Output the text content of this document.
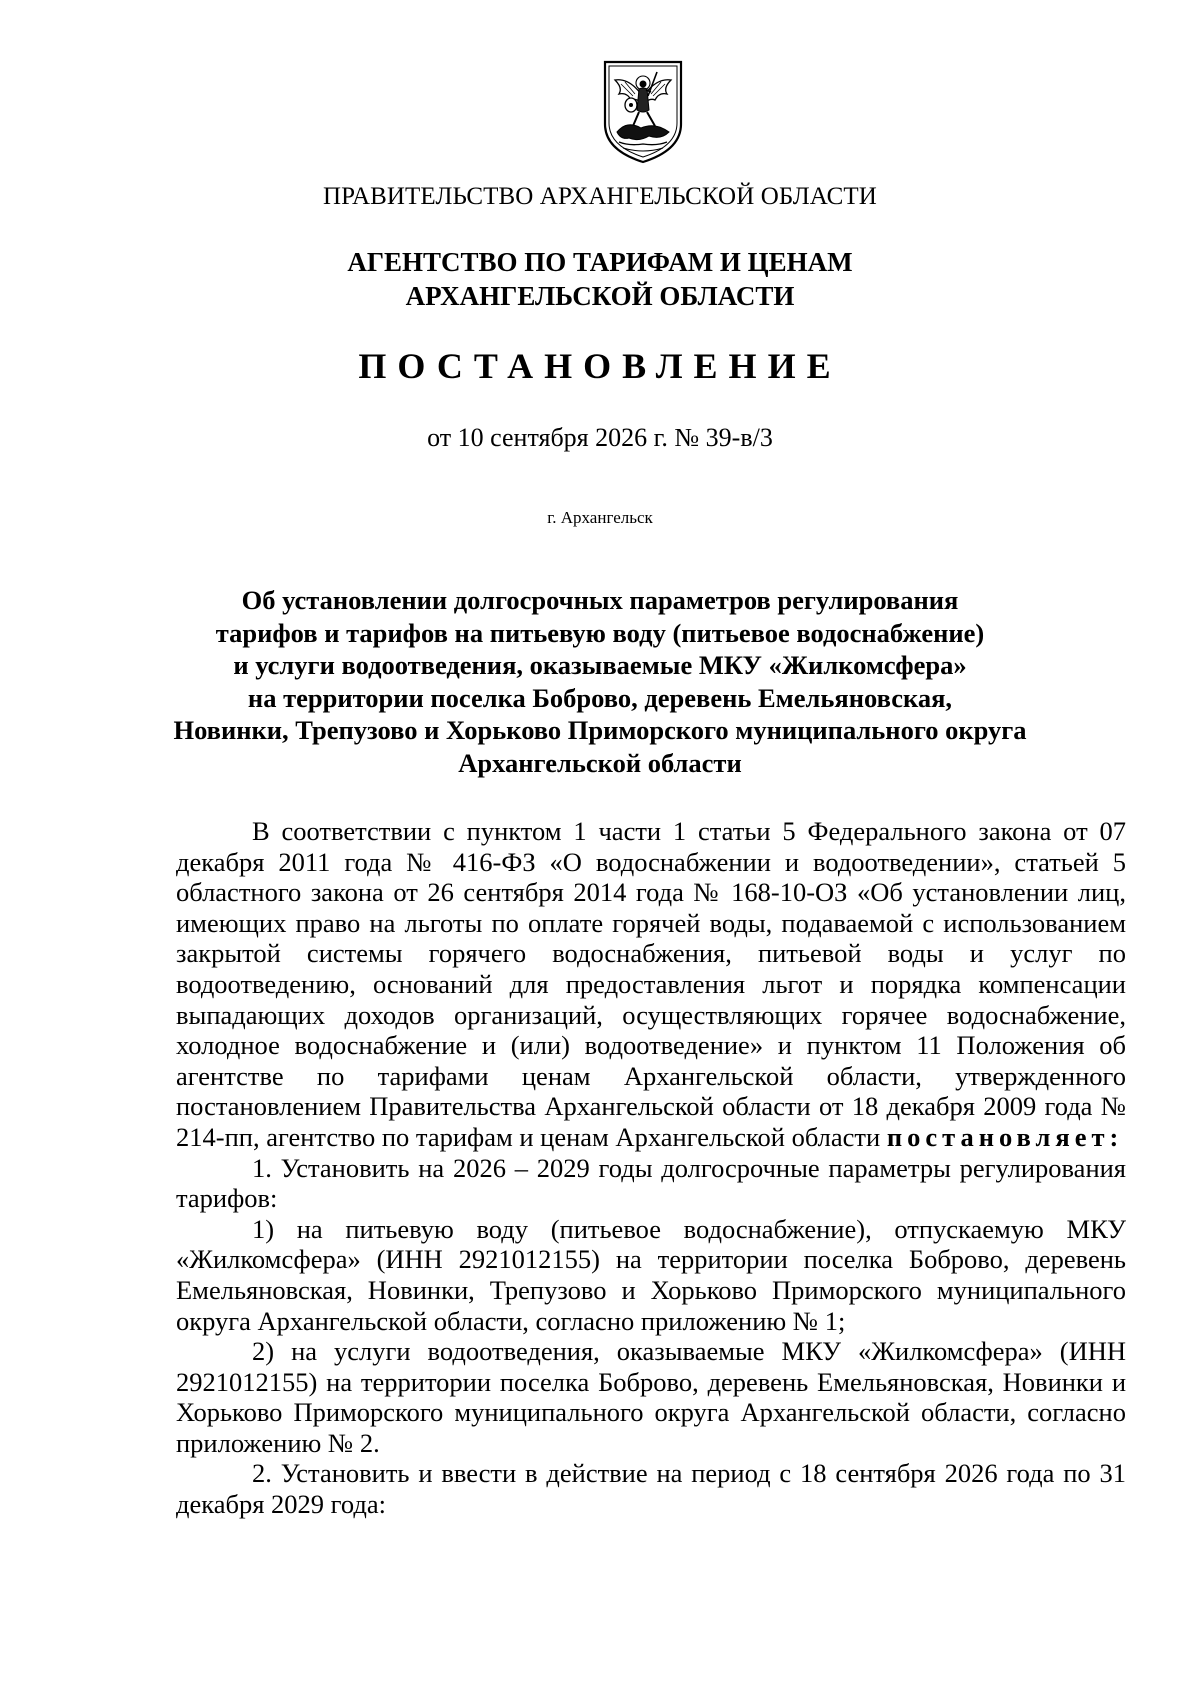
ПРАВИТЕЛЬСТВО АРХАНГЕЛЬСКОЙ ОБЛАСТИ
АГЕНТСТВО ПО ТАРИФАМ И ЦЕНАМ
АРХАНГЕЛЬСКОЙ ОБЛАСТИ
ПОСТАНОВЛЕНИЕ
от 10 сентября 2026 г. № 39-в/3
г. Архангельск
Об установлении долгосрочных параметров регулирования
тарифов и тарифов на питьевую воду (питьевое водоснабжение)
и услуги водоотведения, оказываемые МКУ «Жилкомсфера»
на территории поселка Боброво, деревень Емельяновская,
Новинки, Трепузово и Хорьково Приморского муниципального округа
Архангельской области

В соответствии с пунктом 1 части 1 статьи 5 Федерального закона от 07 декабря 2011 года № 416-ФЗ «О водоснабжении и водоотведении», статьей 5 областного закона от 26 сентября 2014 года № 168-10-ОЗ «Об установлении лиц, имеющих право на льготы по оплате горячей воды, подаваемой с использованием закрытой системы горячего водоснабжения, питьевой воды и услуг по водоотведению, оснований для предоставления льгот и порядка компенсации выпадающих доходов организаций, осуществляющих горячее водоснабжение, холодное водоснабжение и (или) водоотведение» и пунктом 11 Положения об агентстве по тарифами ценам Архангельской области, утвержденного постановлением Правительства Архангельской области от 18 декабря 2009 года № 214-пп, агентство по тарифам и ценам Архангельской области постановляет:

1. Установить на 2026 – 2029 годы долгосрочные параметры регулирования тарифов:

1) на питьевую воду (питьевое водоснабжение), отпускаемую МКУ «Жилкомсфера» (ИНН 2921012155) на территории поселка Боброво, деревень Емельяновская, Новинки, Трепузово и Хорьково Приморского муниципального округа Архангельской области, согласно приложению № 1;

2) на услуги водоотведения, оказываемые МКУ «Жилкомсфера» (ИНН 2921012155) на территории поселка Боброво, деревень Емельяновская, Новинки и Хорьково Приморского муниципального округа Архангельской области, согласно приложению № 2.

2. Установить и ввести в действие на период с 18 сентября 2026 года по 31 декабря 2029 года:
